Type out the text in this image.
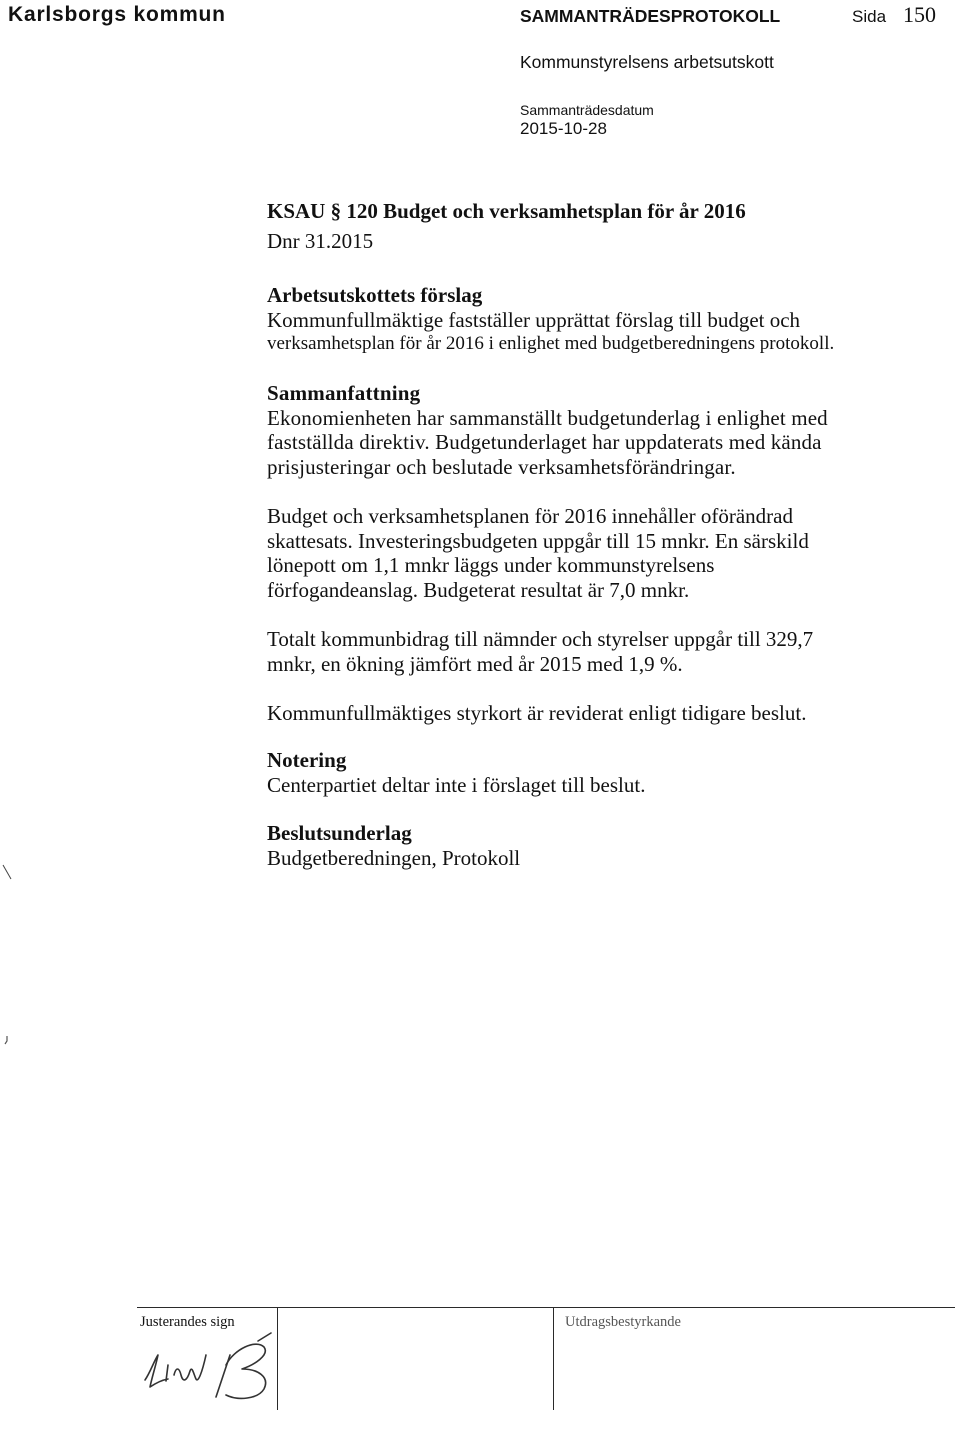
Karlsborgs kommun	SAMMANTRÄDESPROTOKOLL	Sida 150
Kommunstyrelsens arbetsutskott
Sammanträdesdatum
2015-10-28
KSAU § 120 Budget och verksamhetsplan för år 2016
Dnr 31.2015
Arbetsutskottets förslag
Kommunfullmäktige fastställer upprättat förslag till budget och
verksamhetsplan för år 2016 i enlighet med budgetberedningens protokoll.
Sammanfattning
Ekonomienheten har sammanställt budgetunderlag i enlighet med
fastställda direktiv. Budgetunderlaget har uppdaterats med kända
prisjusteringar och beslutade verksamhetsförändringar.
Budget och verksamhetsplanen för 2016 innehåller oförändrad
skattesats. Investeringsbudgeten uppgår till 15 mnkr. En särskild
lönepott om 1,1 mnkr läggs under kommunstyrelsens
förfogandeanslag. Budgeterat resultat är 7,0 mnkr.
Totalt kommunbidrag till nämnder och styrelser uppgår till 329,7
mnkr, en ökning jämfört med år 2015 med 1,9 %.
Kommunfullmäktiges styrkort är reviderat enligt tidigare beslut.
Notering
Centerpartiet deltar inte i förslaget till beslut.
Beslutsunderlag
Budgetberedningen, Protokoll
Justerandes sign	Utdragsbestyrkande
